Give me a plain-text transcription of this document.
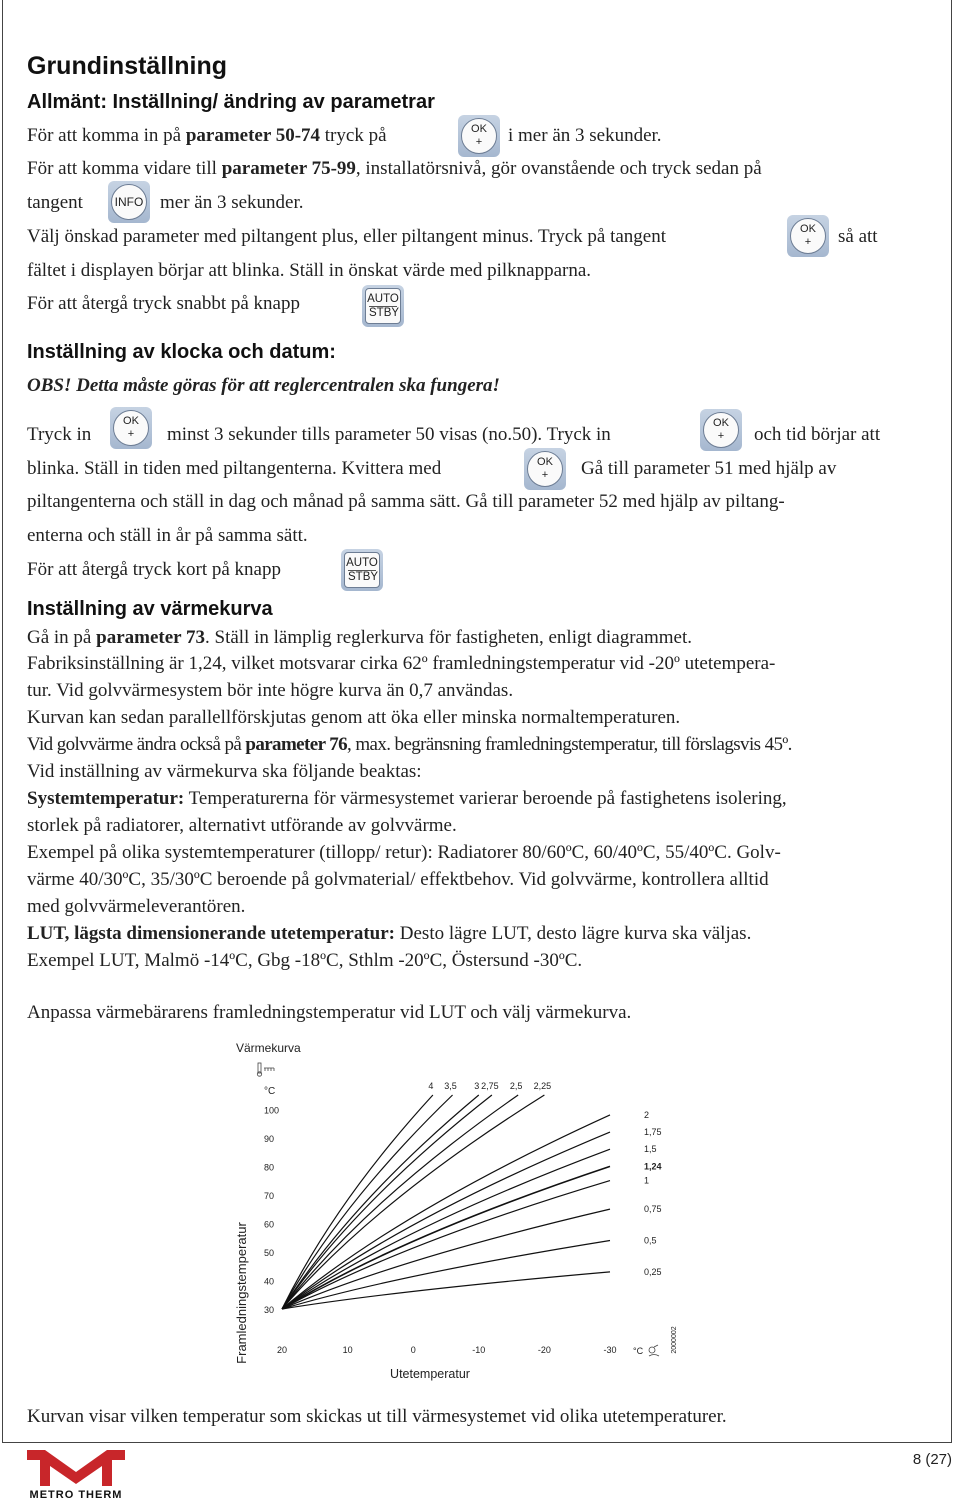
Grundinställning
Allmänt: Inställning/ ändring av parametrar
För att komma in på parameter 50-74 tryck på	OK
+	i mer än 3 sekunder.
För att komma vidare till parameter 75-99, installatörsnivå, gör ovanstående och tryck sedan på
tangent	INFO mer än 3 sekunder.
Välj önskad parameter med piltangent plus, eller piltangent minus. Tryck på tangent	OK
+	så att
fältet i displayen börjar att blinka. Ställ in önskat värde med pilknapparna.
För att återgå tryck snabbt på knapp	AUTO
STBY
Inställning av klocka och datum:
OBS! Detta måste göras för att reglercentralen ska fungera!
Tryck in
OK
+	minst 3 sekunder tills parameter 50 visas (no.50). Tryck in
OK
+	och tid börjar att
blinka. Ställ in tiden med piltangenterna. Kvittera med	OK
+	Gå till parameter 51 med hjälp av
piltangenterna och ställ in dag och månad på samma sätt. Gå till parameter 52 med hjälp av piltang-
enterna och ställ in år på samma sätt.
För att återgå tryck kort på knapp	AUTO
STBY
Inställning av värmekurva
Gå in på parameter 73. Ställ in lämplig reglerkurva för fastigheten, enligt diagrammet.
Fabriksinställning är 1,24, vilket motsvarar cirka 62º framledningstemperatur vid -20º utetempera-
tur. Vid golvvärmesystem bör inte högre kurva än 0,7 användas.
Kurvan kan sedan parallellförskjutas genom att öka eller minska normaltemperaturen.
Vid golvvärme ändra också på parameter 76, max. begränsning framledningstemperatur, till förslagsvis 45º.
Vid inställning av värmekurva ska följande beaktas:
Systemtemperatur: Temperaturerna för värmesystemet varierar beroende på fastighetens isolering,
storlek på radiatorer, alternativt utförande av golvvärme.
Exempel på olika systemtemperaturer (tillopp/ retur): Radiatorer 80/60ºC, 60/40ºC, 55/40ºC. Golv-
värme 40/30ºC, 35/30ºC beroende på golvmaterial/ effektbehov. Vid golvvärme, kontrollera alltid
med golvvärmeleverantören.
LUT, lägsta dimensionerande utetemperatur: Desto lägre LUT, desto lägre kurva ska väljas.
Exempel LUT, Malmö -14ºC, Gbg -18ºC, Sthlm -20ºC, Östersund -30ºC.
Anpassa värmebärarens framledningstemperatur vid LUT och välj värmekurva.
Värmekurva
°C
100
90
80
70
60
50
40
30
20	10	0	-10	-20	-30
4 3,5 3 2,75 2,5 2,25
2
1,75
1,5
1,24
1
0,75
0,5
0,25
Framledningstemperatur
Utetemperatur
°C	2000002
Kurvan visar vilken temperatur som skickas ut till värmesystemet vid olika utetemperaturer.
METRO THERM
8 (27)
